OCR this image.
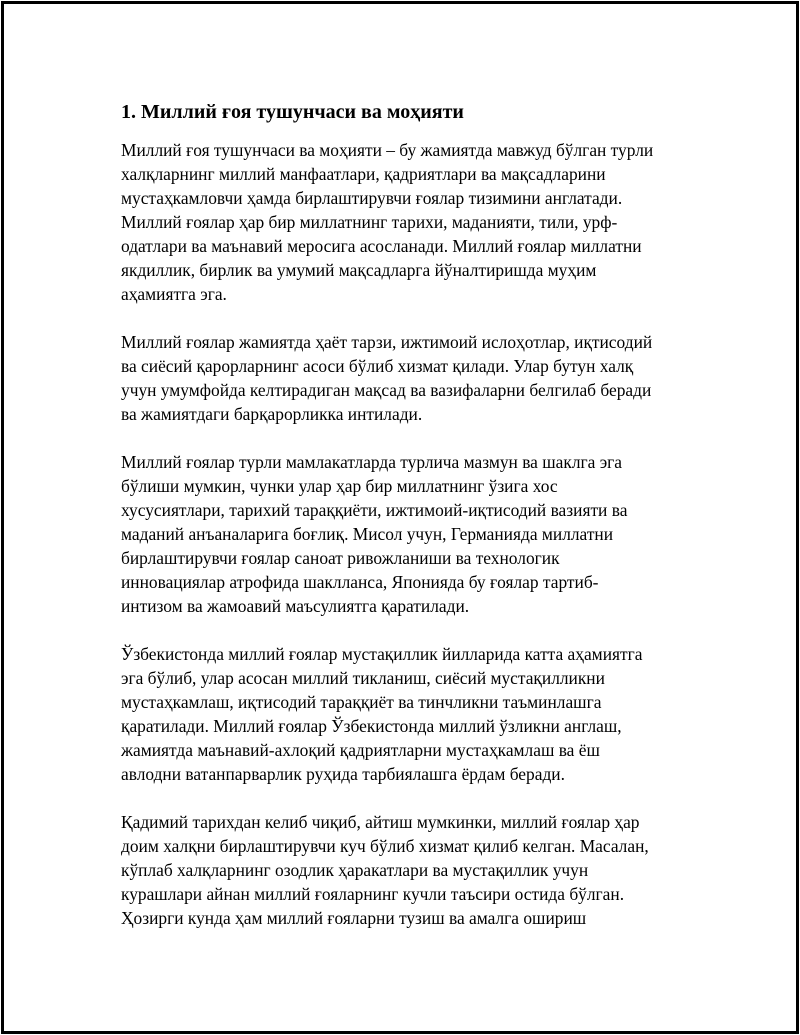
1. Миллий ғоя тушунчаси ва моҳияти

Миллий ғоя тушунчаси ва моҳияти – бу жамиятда мавжуд бўлган турли
халқларнинг миллий манфаатлари, қадриятлари ва мақсадларини
мустаҳкамловчи ҳамда бирлаштирувчи ғоялар тизимини англатади.
Миллий ғоялар ҳар бир миллатнинг тарихи, маданияти, тили, урф-
одатлари ва маънавий меросига асосланади. Миллий ғоялар миллатни
якдиллик, бирлик ва умумий мақсадларга йўналтиришда муҳим
аҳамиятга эга.

Миллий ғоялар жамиятда ҳаёт тарзи, ижтимоий ислоҳотлар, иқтисодий
ва сиёсий қарорларнинг асоси бўлиб хизмат қилади. Улар бутун халқ
учун умумфойда келтирадиган мақсад ва вазифаларни белгилаб беради
ва жамиятдаги барқарорликка интилади.

Миллий ғоялар турли мамлакатларда турлича мазмун ва шаклга эга
бўлиши мумкин, чунки улар ҳар бир миллатнинг ўзига хос
хусусиятлари, тарихий тараққиёти, ижтимоий-иқтисодий вазияти ва
маданий анъаналарига боғлиқ. Мисол учун, Германияда миллатни
бирлаштирувчи ғоялар саноат ривожланиши ва технологик
инновациялар атрофида шаклланса, Японияда бу ғоялар тартиб-
интизом ва жамоавий маъсулиятга қаратилади.

Ўзбекистонда миллий ғоялар мустақиллик йилларида катта аҳамиятга
эга бўлиб, улар асосан миллий тикланиш, сиёсий мустақилликни
мустаҳкамлаш, иқтисодий тараққиёт ва тинчликни таъминлашга
қаратилади. Миллий ғоялар Ўзбекистонда миллий ўзликни англаш,
жамиятда маънавий-ахлоқий қадриятларни мустаҳкамлаш ва ёш
авлодни ватанпарварлик руҳида тарбиялашга ёрдам беради.

Қадимий тарихдан келиб чиқиб, айтиш мумкинки, миллий ғоялар ҳар
доим халқни бирлаштирувчи куч бўлиб хизмат қилиб келган. Масалан,
кўплаб халқларнинг озодлик ҳаракатлари ва мустақиллик учун
курашлари айнан миллий ғояларнинг кучли таъсири остида бўлган.
Ҳозирги кунда ҳам миллий ғояларни тузиш ва амалга ошириш
